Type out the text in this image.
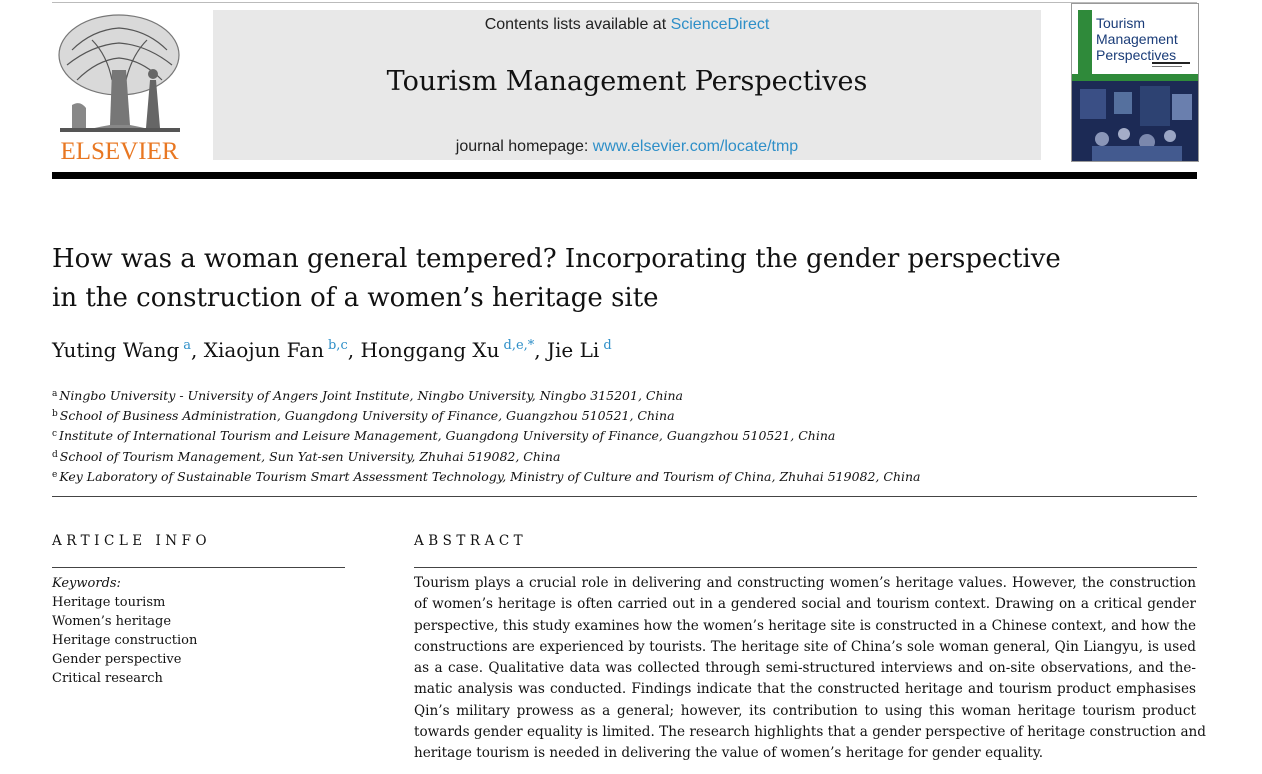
ELSEVIER
Contents lists available at ScienceDirect
Tourism Management Perspectives
journal homepage: www.elsevier.com/locate/tmp
Tourism
Management
Perspectives
How was a woman general tempered? Incorporating the gender perspective
in the construction of a women’s heritage site
Yuting Wang  $^a$, Xiaojun Fan  $^{b,c}$, Honggang Xu  $^{d,e,*}$, Jie Li  $^d$
$^a$ Ningbo University - University of Angers Joint Institute, Ningbo University, Ningbo 315201, China
$^b$ School of Business Administration, Guangdong University of Finance, Guangzhou 510521, China
$^c$ Institute of International Tourism and Leisure Management, Guangdong University of Finance, Guangzhou 510521, China
$^d$ School of Tourism Management, Sun Yat-sen University, Zhuhai 519082, China
$^e$ Key Laboratory of Sustainable Tourism Smart Assessment Technology, Ministry of Culture and Tourism of China, Zhuhai 519082, China
ARTICLE INFO	ABSTRACT
Keywords:
Heritage tourism
Women’s heritage
Heritage construction
Gender perspective
Critical research
Tourism plays a crucial role in delivering and constructing women’s heritage values. However, the construction
of women’s heritage is often carried out in a gendered social and tourism context. Drawing on a critical gender
perspective, this study examines how the women’s heritage site is constructed in a Chinese context, and how the
constructions are experienced by tourists. The heritage site of China’s sole woman general, Qin Liangyu, is used
as a case. Qualitative data was collected through semi-structured interviews and on-site observations, and the-
matic analysis was conducted. Findings indicate that the constructed heritage and tourism product emphasises
Qin’s military prowess as a general; however, its contribution to using this woman heritage tourism product
towards gender equality is limited. The research highlights that a gender perspective of heritage construction and
heritage tourism is needed in delivering the value of women’s heritage for gender equality.
